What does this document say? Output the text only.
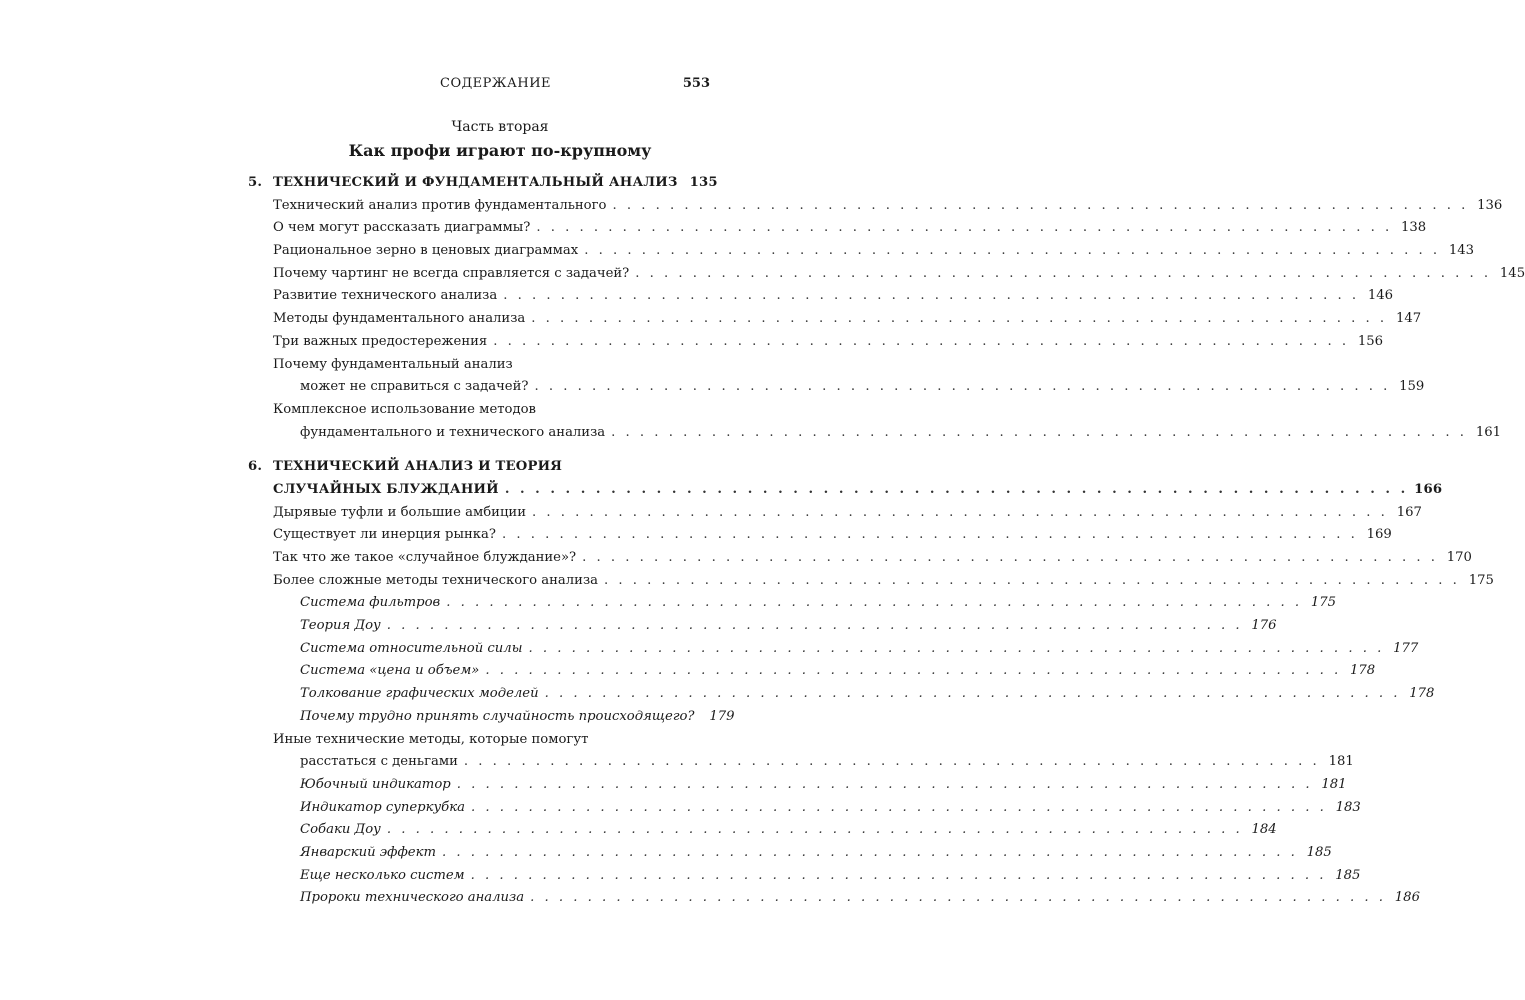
СОДЕРЖАНИЕ	553
Часть вторая
Как профи играют по-крупному
5. ТЕХНИЧЕСКИЙ И ФУНДАМЕНТАЛЬНЫЙ АНАЛИЗ 135
Технический анализ против фундаментального . . . . . . . . . . . . . . . . . . . . . . . . . . . . . . . . . . . . . . . . . . . . . . . . . . . . . . . . . . . . 136
О чем могут рассказать диаграммы? . . . . . . . . . . . . . . . . . . . . . . . . . . . . . . . . . . . . . . . . . . . . . . . . . . . . . . . . . . . . 138
Рациональное зерно в ценовых диаграммах . . . . . . . . . . . . . . . . . . . . . . . . . . . . . . . . . . . . . . . . . . . . . . . . . . . . . . . . . . . . 143
Почему чартинг не всегда справляется с задачей? . . . . . . . . . . . . . . . . . . . . . . . . . . . . . . . . . . . . . . . . . . . . . . . . . . . . . . . . . . . . 145
Развитие технического анализа . . . . . . . . . . . . . . . . . . . . . . . . . . . . . . . . . . . . . . . . . . . . . . . . . . . . . . . . . . . . 146
Методы фундаментального анализа . . . . . . . . . . . . . . . . . . . . . . . . . . . . . . . . . . . . . . . . . . . . . . . . . . . . . . . . . . . . 147
Три важных предостережения . . . . . . . . . . . . . . . . . . . . . . . . . . . . . . . . . . . . . . . . . . . . . . . . . . . . . . . . . . . . 156
Почему фундаментальный анализ
может не справиться с задачей? . . . . . . . . . . . . . . . . . . . . . . . . . . . . . . . . . . . . . . . . . . . . . . . . . . . . . . . . . . . . 159
Комплексное использование методов
фундаментального и технического анализа . . . . . . . . . . . . . . . . . . . . . . . . . . . . . . . . . . . . . . . . . . . . . . . . . . . . . . . . . . . . 161
6. ТЕХНИЧЕСКИЙ АНАЛИЗ И ТЕОРИЯ
СЛУЧАЙНЫХ БЛУЖДАНИЙ . . . . . . . . . . . . . . . . . . . . . . . . . . . . . . . . . . . . . . . . . . . . . . . . . . . . . . . . . . . . 166
Дырявые туфли и большие амбиции . . . . . . . . . . . . . . . . . . . . . . . . . . . . . . . . . . . . . . . . . . . . . . . . . . . . . . . . . . . . 167
Существует ли инерция рынка? . . . . . . . . . . . . . . . . . . . . . . . . . . . . . . . . . . . . . . . . . . . . . . . . . . . . . . . . . . . . 169
Так что же такое «случайное блуждание»? . . . . . . . . . . . . . . . . . . . . . . . . . . . . . . . . . . . . . . . . . . . . . . . . . . . . . . . . . . . . 170
Более сложные методы технического анализа . . . . . . . . . . . . . . . . . . . . . . . . . . . . . . . . . . . . . . . . . . . . . . . . . . . . . . . . . . . . 175
Система фильтров . . . . . . . . . . . . . . . . . . . . . . . . . . . . . . . . . . . . . . . . . . . . . . . . . . . . . . . . . . . . 175
Теория Доу . . . . . . . . . . . . . . . . . . . . . . . . . . . . . . . . . . . . . . . . . . . . . . . . . . . . . . . . . . . . 176
Система относительной силы . . . . . . . . . . . . . . . . . . . . . . . . . . . . . . . . . . . . . . . . . . . . . . . . . . . . . . . . . . . . 177
Система «цена и объем» . . . . . . . . . . . . . . . . . . . . . . . . . . . . . . . . . . . . . . . . . . . . . . . . . . . . . . . . . . . . 178
Толкование графических моделей . . . . . . . . . . . . . . . . . . . . . . . . . . . . . . . . . . . . . . . . . . . . . . . . . . . . . . . . . . . . 178
Почему трудно принять случайность происходящего? 179
Иные технические методы, которые помогут
расстаться с деньгами . . . . . . . . . . . . . . . . . . . . . . . . . . . . . . . . . . . . . . . . . . . . . . . . . . . . . . . . . . . . 181
Юбочный индикатор . . . . . . . . . . . . . . . . . . . . . . . . . . . . . . . . . . . . . . . . . . . . . . . . . . . . . . . . . . . . 181
Индикатор суперкубка . . . . . . . . . . . . . . . . . . . . . . . . . . . . . . . . . . . . . . . . . . . . . . . . . . . . . . . . . . . . 183
Собаки Доу . . . . . . . . . . . . . . . . . . . . . . . . . . . . . . . . . . . . . . . . . . . . . . . . . . . . . . . . . . . . 184
Январский эффект . . . . . . . . . . . . . . . . . . . . . . . . . . . . . . . . . . . . . . . . . . . . . . . . . . . . . . . . . . . . 185
Еще несколько систем . . . . . . . . . . . . . . . . . . . . . . . . . . . . . . . . . . . . . . . . . . . . . . . . . . . . . . . . . . . . 185
Пророки технического анализа . . . . . . . . . . . . . . . . . . . . . . . . . . . . . . . . . . . . . . . . . . . . . . . . . . . . . . . . . . . . 186
